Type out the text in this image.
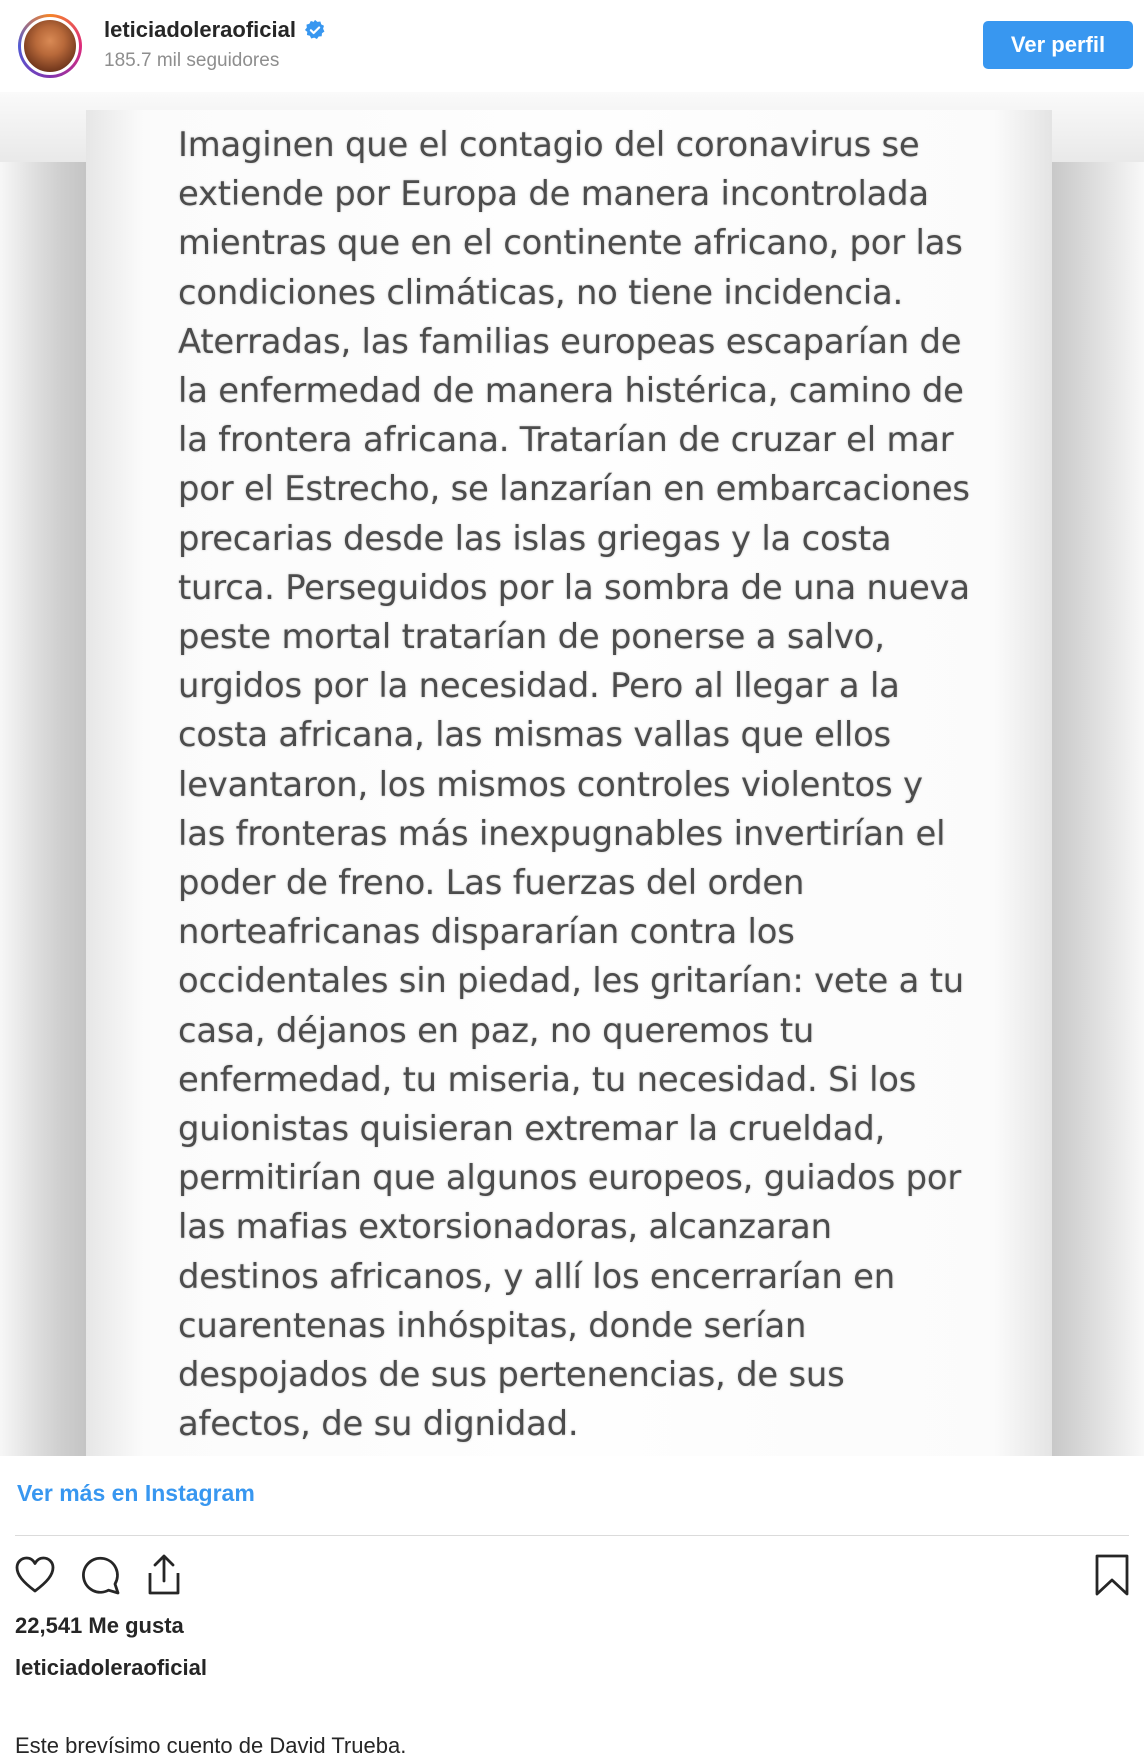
leticiadoleraoficial
185.7 mil seguidores
Ver perfil
Imaginen que el contagio del coronavirus se
extiende por Europa de manera incontrolada
mientras que en el continente africano, por las
condiciones climáticas, no tiene incidencia.
Aterradas, las familias europeas escaparían de
la enfermedad de manera histérica, camino de
la frontera africana. Tratarían de cruzar el mar
por el Estrecho, se lanzarían en embarcaciones
precarias desde las islas griegas y la costa
turca. Perseguidos por la sombra de una nueva
peste mortal tratarían de ponerse a salvo,
urgidos por la necesidad. Pero al llegar a la
costa africana, las mismas vallas que ellos
levantaron, los mismos controles violentos y
las fronteras más inexpugnables invertirían el
poder de freno. Las fuerzas del orden
norteafricanas dispararían contra los
occidentales sin piedad, les gritarían: vete a tu
casa, déjanos en paz, no queremos tu
enfermedad, tu miseria, tu necesidad. Si los
guionistas quisieran extremar la crueldad,
permitirían que algunos europeos, guiados por
las mafias extorsionadoras, alcanzaran
destinos africanos, y allí los encerrarían en
cuarentenas inhóspitas, donde serían
despojados de sus pertenencias, de sus
afectos, de su dignidad.
Ver más en Instagram
22,541 Me gusta
leticiadoleraoficial
Este brevísimo cuento de David Trueba.
